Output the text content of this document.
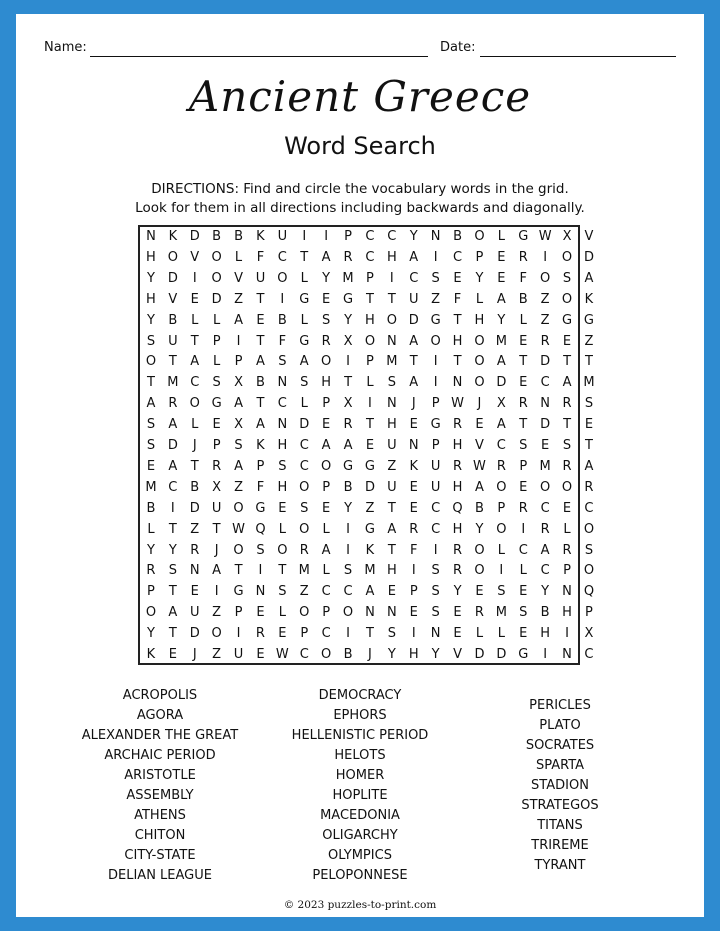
Name:	Date:
Ancient Greece
Word Search
DIRECTIONS: Find and circle the vocabulary words in the grid.
Look for them in all directions including backwards and diagonally.
N K D B B	K U	I	I	P	C C	Y	N B O	L	G W X	V
H O V O	L	F	C	T	A R C H A	I	C	P	E	R	I	O D
Y D	I	O V U O	L	Y M P	I	C	S	E	Y	E	F	O S	A
H V	E D Z	T	I	G E G T	T	U Z	F	L	A	B Z O K
Y	B	L	L	A	E	B	L	S	Y	H O D G T	H	Y	L	Z G G
S	U	T	P	I	T	F	G R X O N A O H O M E	R	E	Z
O T	A	L	P	A	S	A O	I	P M T	I	T O A	T D T	T
T M C	S	X	B N S H	T	L	S	A	I	N O D E	C A M
A R O G A	T	C	L	P	X	I	N	J	P W	J	X R N R	S
S	A	L	E	X	A N D E	R	T	H E G R	E	A	T D T	E
S D	J	P	S	K H C A	A	E	U N	P	H V C	S	E	S	T
E	A	T	R A	P	S	C O G G Z	K U R W R	P M R A
M C B X	Z	F	H O P	B D U	E	U H A O E O O R
B	I	D U O G E	S	E	Y	Z	T	E	C Q B	P	R C	E	C
L	T	Z	T W Q	L	O	L	I	G A R C H	Y O	I	R	L	O
Y	Y	R	J	O S O R A	I	K	T	F	I	R O	L	C A R	S
R	S N A	T	I	T M L	S M H	I	S	R O	I	L	C	P O
P	T	E	I	G N S	Z C C A	E	P	S	Y	E	S	E	Y	N Q
O A U Z	P	E	L	O P O N N E	S	E	R M S	B H	P
Y	T D O	I	R	E	P	C	I	T	S	I	N E	L	L	E H	I	X
K	E	J	Z U	E W C O B	J	Y	H	Y	V D D G	I	N C
ACROPOLIS
AGORA
ALEXANDER THE GREAT
ARCHAIC PERIOD
ARISTOTLE
ASSEMBLY
ATHENS
CHITON
CITY-STATE
DELIAN LEAGUE
DEMOCRACY
EPHORS
HELLENISTIC PERIOD
HELOTS
HOMER
HOPLITE
MACEDONIA
OLIGARCHY
OLYMPICS
PELOPONNESE
PERICLES
PLATO
SOCRATES
SPARTA
STADION
STRATEGOS
TITANS
TRIREME
TYRANT
© 2023 puzzles-to-print.com
